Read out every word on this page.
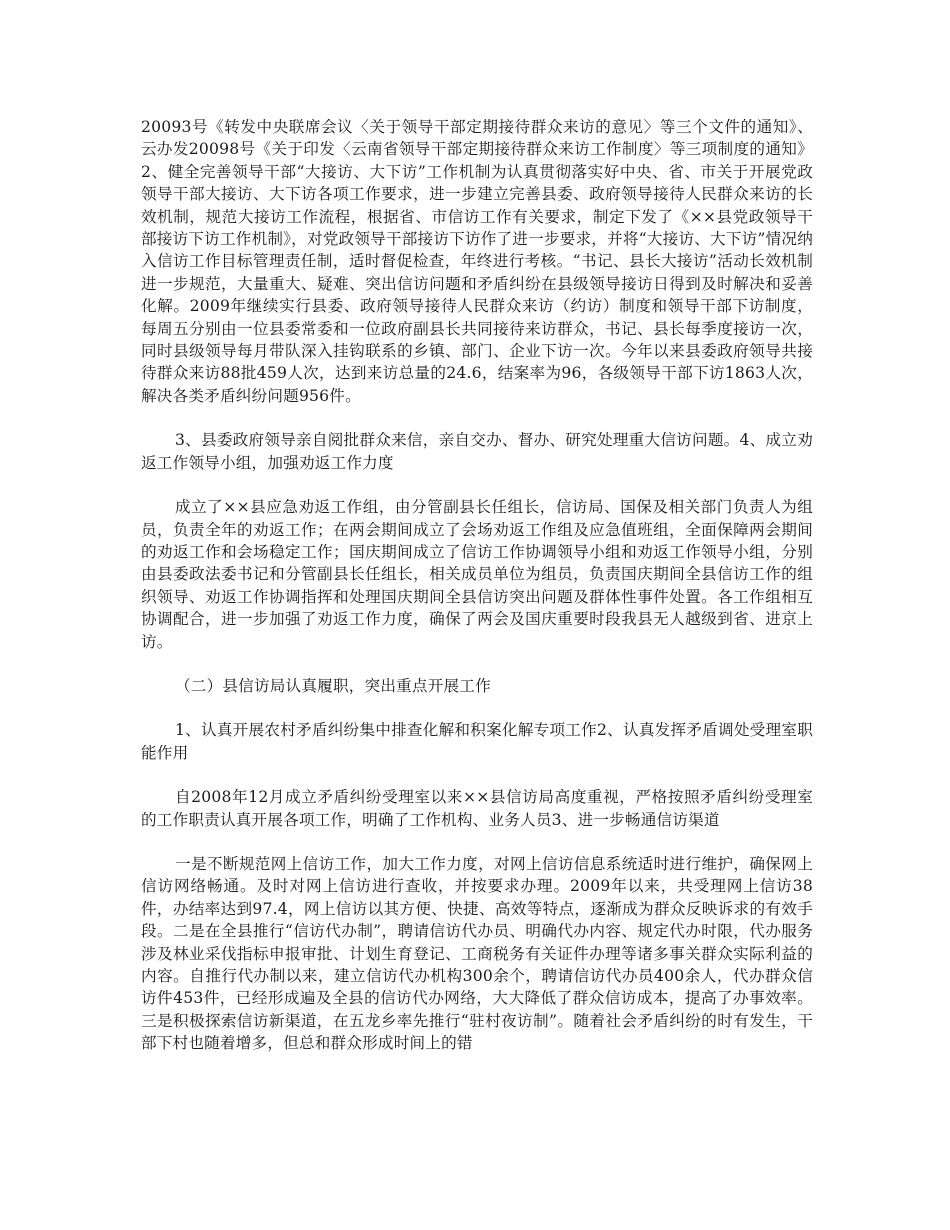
20093号《转发中央联席会议〈关于领导干部定期接待群众来访的意见〉等三个文件的通知》、云办发20098号《关于印发〈云南省领导干部定期接待群众来访工作制度〉等三项制度的通知》2、健全完善领导干部“大接访、大下访”工作机制为认真贯彻落实好中央、省、市关于开展党政领导干部大接访、大下访各项工作要求，进一步建立完善县委、政府领导接待人民群众来访的长效机制，规范大接访工作流程，根据省、市信访工作有关要求，制定下发了《××县党政领导干部接访下访工作机制》，对党政领导干部接访下访作了进一步要求，并将“大接访、大下访”情况纳入信访工作目标管理责任制，适时督促检查，年终进行考核。“书记、县长大接访”活动长效机制进一步规范，大量重大、疑难、突出信访问题和矛盾纠纷在县级领导接访日得到及时解决和妥善化解。2009年继续实行县委、政府领导接待人民群众来访（约访）制度和领导干部下访制度，每周五分别由一位县委常委和一位政府副县长共同接待来访群众，书记、县长每季度接访一次，同时县级领导每月带队深入挂钩联系的乡镇、部门、企业下访一次。今年以来县委政府领导共接待群众来访88批459人次，达到来访总量的24.6，结案率为96，各级领导干部下访1863人次，解决各类矛盾纠纷问题956件。

3、县委政府领导亲自阅批群众来信，亲自交办、督办、研究处理重大信访问题。4、成立劝返工作领导小组，加强劝返工作力度

成立了××县应急劝返工作组，由分管副县长任组长，信访局、国保及相关部门负责人为组员，负责全年的劝返工作；在两会期间成立了会场劝返工作组及应急值班组，全面保障两会期间的劝返工作和会场稳定工作；国庆期间成立了信访工作协调领导小组和劝返工作领导小组，分别由县委政法委书记和分管副县长任组长，相关成员单位为组员，负责国庆期间全县信访工作的组织领导、劝返工作协调指挥和处理国庆期间全县信访突出问题及群体性事件处置。各工作组相互协调配合，进一步加强了劝返工作力度，确保了两会及国庆重要时段我县无人越级到省、进京上访。

（二）县信访局认真履职，突出重点开展工作

1、认真开展农村矛盾纠纷集中排查化解和积案化解专项工作2、认真发挥矛盾调处受理室职能作用

自2008年12月成立矛盾纠纷受理室以来××县信访局高度重视，严格按照矛盾纠纷受理室的工作职责认真开展各项工作，明确了工作机构、业务人员3、进一步畅通信访渠道

一是不断规范网上信访工作，加大工作力度，对网上信访信息系统适时进行维护，确保网上信访网络畅通。及时对网上信访进行查收，并按要求办理。2009年以来，共受理网上信访38件，办结率达到97.4，网上信访以其方便、快捷、高效等特点，逐渐成为群众反映诉求的有效手段。二是在全县推行“信访代办制”，聘请信访代办员、明确代办内容、规定代办时限，代办服务涉及林业采伐指标申报审批、计划生育登记、工商税务有关证件办理等诸多事关群众实际利益的内容。自推行代办制以来，建立信访代办机构300余个，聘请信访代办员400余人，代办群众信访件453件，已经形成遍及全县的信访代办网络，大大降低了群众信访成本，提高了办事效率。三是积极探索信访新渠道，在五龙乡率先推行“驻村夜访制”。随着社会矛盾纠纷的时有发生，干部下村也随着增多，但总和群众形成时间上的错
